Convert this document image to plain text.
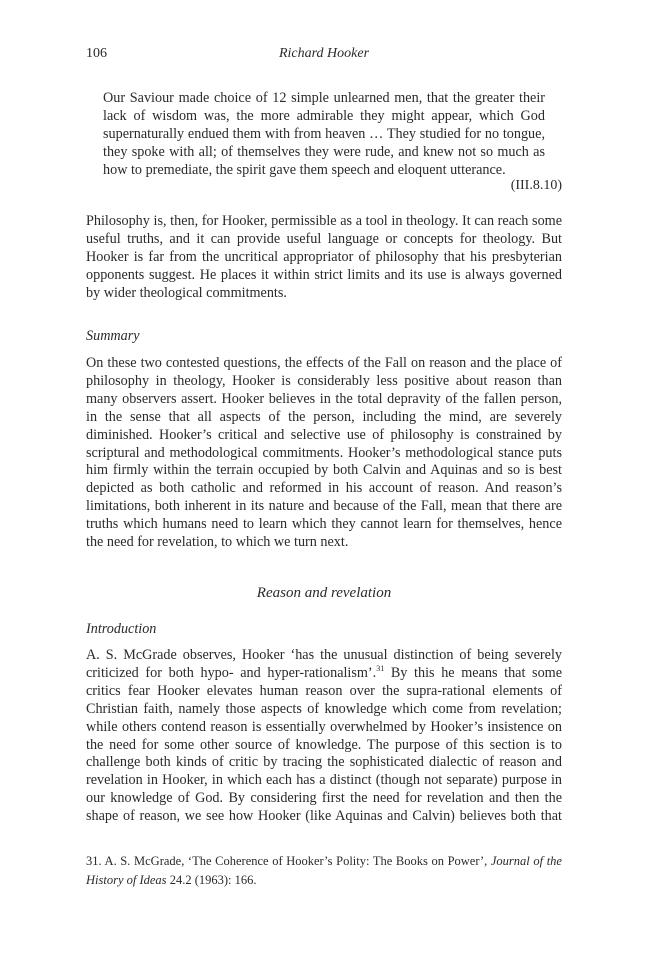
106	Richard Hooker

Our Saviour made choice of 12 simple unlearned men, that the greater their lack of wisdom was, the more admirable they might appear, which God supernaturally endued them with from heaven … They studied for no tongue, they spoke with all; of themselves they were rude, and knew not so much as how to premediate, the spirit gave them speech and eloquent utterance.

(III.8.10)

Philosophy is, then, for Hooker, permissible as a tool in theology. It can reach some useful truths, and it can provide useful language or concepts for theology. But Hooker is far from the uncritical appropriator of philosophy that his presbyterian opponents suggest. He places it within strict limits and its use is always governed by wider theological commitments.

Summary

On these two contested questions, the effects of the Fall on reason and the place of philosophy in theology, Hooker is considerably less positive about reason than many observers assert. Hooker believes in the total depravity of the fallen person, in the sense that all aspects of the person, including the mind, are severely diminished. Hooker’s critical and selective use of philosophy is constrained by scriptural and methodological commitments. Hooker’s methodological stance puts him firmly within the terrain occupied by both Calvin and Aquinas and so is best depicted as both catholic and reformed in his account of reason. And reason’s limitations, both inherent in its nature and because of the Fall, mean that there are truths which humans need to learn which they cannot learn for themselves, hence the need for revelation, to which we turn next.

Reason and revelation
Introduction

A. S. McGrade observes, Hooker ‘has the unusual distinction of being severely criticized for both hypo- and hyper-rationalism’.$^{31}$ By this he means that some critics fear Hooker elevates human reason over the supra-rational elements of Christian faith, namely those aspects of knowledge which come from revelation; while others contend reason is essentially overwhelmed by Hooker’s insistence on the need for some other source of knowledge. The purpose of this section is to challenge both kinds of critic by tracing the sophisticated dialectic of reason and revelation in Hooker, in which each has a distinct (though not separate) purpose in our knowledge of God. By considering first the need for revelation and then the shape of reason, we see how Hooker (like Aquinas and Calvin) believes both that

31. A. S. McGrade, ‘The Coherence of Hooker’s Polity: The Books on Power’, Journal of the History of Ideas 24.2 (1963): 166.
